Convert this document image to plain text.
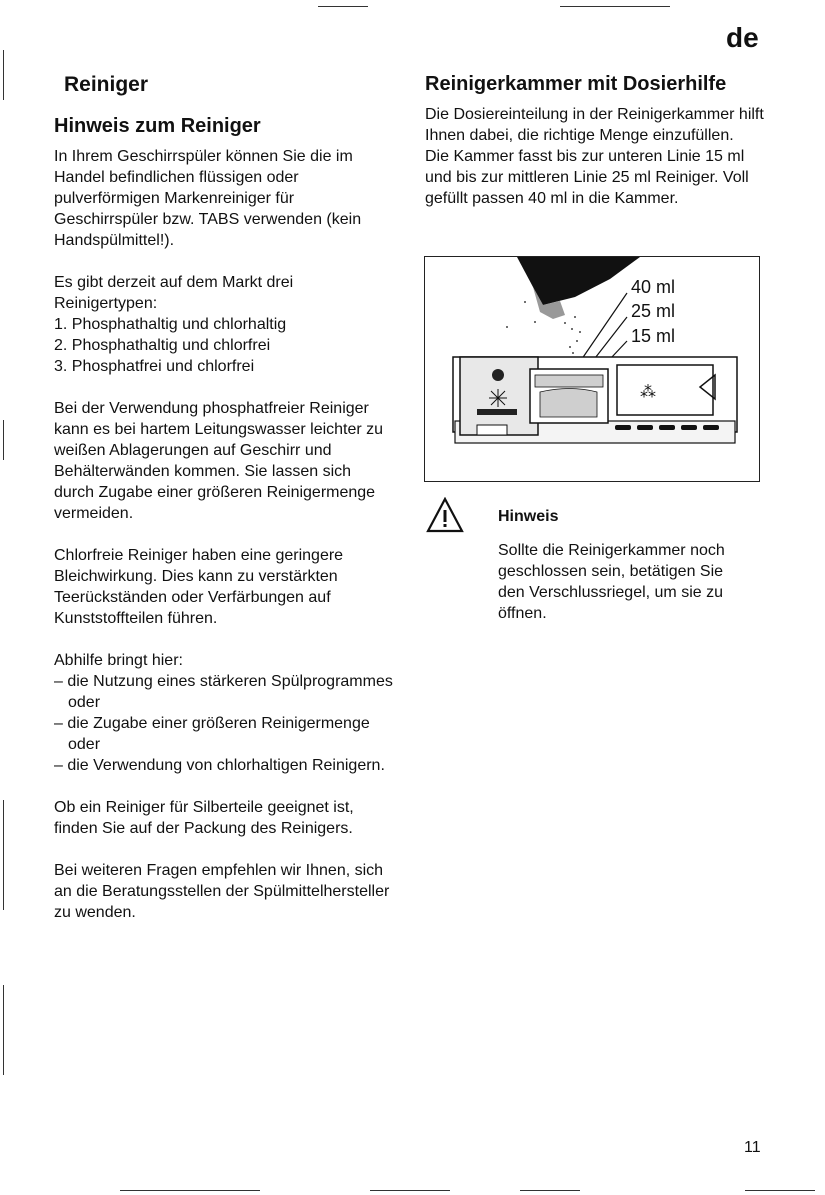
de
Reiniger
Hinweis zum Reiniger

In Ihrem Geschirrspüler können Sie die im Handel befindlichen flüssigen oder pulverförmigen Markenreiniger für Geschirrspüler bzw. TABS verwenden (kein Handspülmittel!).

Es gibt derzeit auf dem Markt drei Reinigertypen:

1. Phosphathaltig und chlorhaltig
2. Phosphathaltig und chlorfrei
3. Phosphatfrei und chlorfrei

Bei der Verwendung phosphatfreier Reiniger kann es bei hartem Leitungswasser leichter zu weißen Ablagerungen auf Geschirr und Behälterwänden kommen. Sie lassen sich durch Zugabe einer größeren Reinigermenge vermeiden.

Chlorfreie Reiniger haben eine geringere Bleichwirkung. Dies kann zu verstärkten Teerückständen oder Verfärbungen auf Kunststoffteilen führen.

Abhilfe bringt hier:

– die Nutzung eines stärkeren Spülprogrammes oder
– die Zugabe einer größeren Reinigermenge oder
– die Verwendung von chlorhaltigen Reinigern.

Ob ein Reiniger für Silberteile geeignet ist, finden Sie auf der Packung des Reinigers.

Bei weiteren Fragen empfehlen wir Ihnen, sich an die Beratungsstellen der Spülmittelhersteller zu wenden.

Reinigerkammer mit Dosierhilfe

Die Dosiereinteilung in der Reinigerkammer hilft Ihnen dabei, die richtige Menge einzufüllen.

Die Kammer fasst bis zur unteren Linie 15 ml und bis zur mittleren Linie 25 ml Reiniger. Voll gefüllt passen 40 ml in die Kammer.

⁂
40 ml
25 ml
15 ml
Hinweis
Sollte die Reinigerkammer noch geschlossen sein, betätigen Sie den Verschlussriegel, um sie zu öffnen.
11
